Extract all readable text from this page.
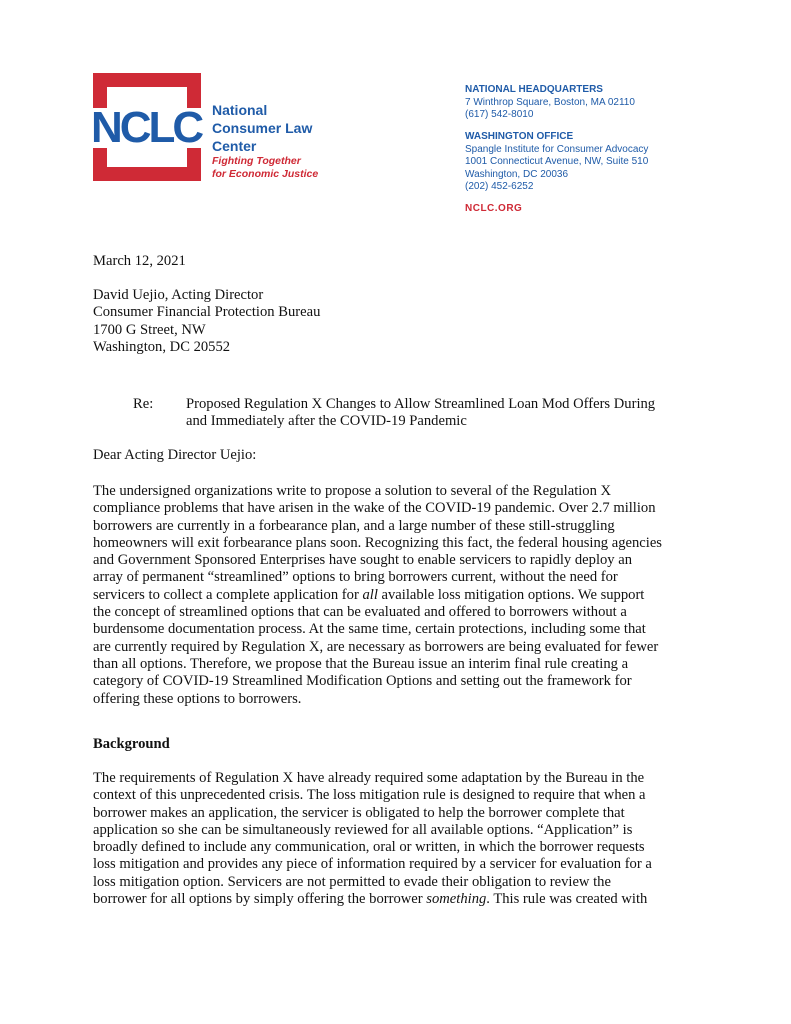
NCLC National
Consumer Law
Center
Fighting Together
for Economic Justice
NATIONAL HEADQUARTERS
7 Winthrop Square, Boston, MA 02110
(617) 542-8010
WASHINGTON OFFICE
Spangle Institute for Consumer Advocacy
1001 Connecticut Avenue, NW, Suite 510
Washington, DC 20036
(202) 452-6252
NCLC.ORG
March 12, 2021
David Uejio, Acting Director
Consumer Financial Protection Bureau
1700 G Street, NW
Washington, DC 20552
Re: Proposed Regulation X Changes to Allow Streamlined Loan Mod Offers During
and Immediately after the COVID-19 Pandemic
Dear Acting Director Uejio:
The undersigned organizations write to propose a solution to several of the Regulation X
compliance problems that have arisen in the wake of the COVID-19 pandemic. Over 2.7 million
borrowers are currently in a forbearance plan, and a large number of these still-struggling
homeowners will exit forbearance plans soon. Recognizing this fact, the federal housing agencies
and Government Sponsored Enterprises have sought to enable servicers to rapidly deploy an
array of permanent “streamlined” options to bring borrowers current, without the need for
servicers to collect a complete application for all available loss mitigation options. We support
the concept of streamlined options that can be evaluated and offered to borrowers without a
burdensome documentation process. At the same time, certain protections, including some that
are currently required by Regulation X, are necessary as borrowers are being evaluated for fewer
than all options. Therefore, we propose that the Bureau issue an interim final rule creating a
category of COVID-19 Streamlined Modification Options and setting out the framework for
offering these options to borrowers.
Background
The requirements of Regulation X have already required some adaptation by the Bureau in the
context of this unprecedented crisis. The loss mitigation rule is designed to require that when a
borrower makes an application, the servicer is obligated to help the borrower complete that
application so she can be simultaneously reviewed for all available options. “Application” is
broadly defined to include any communication, oral or written, in which the borrower requests
loss mitigation and provides any piece of information required by a servicer for evaluation for a
loss mitigation option. Servicers are not permitted to evade their obligation to review the
borrower for all options by simply offering the borrower something. This rule was created with
